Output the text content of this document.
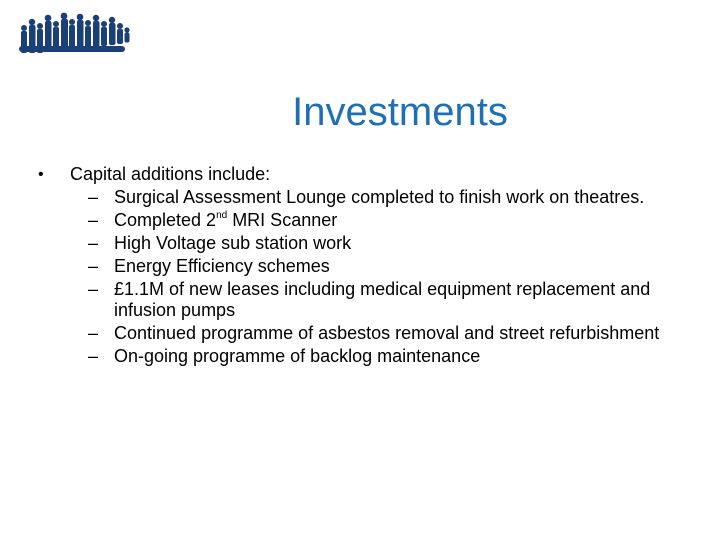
Investments
•	Capital additions include:
– Surgical Assessment Lounge completed to finish work on theatres.
– Completed 2nd MRI Scanner
– High Voltage sub station work
– Energy Efficiency schemes
– £1.1M of new leases including medical equipment replacement and infusion pumps
– Continued programme of asbestos removal and street refurbishment
– On-going programme of backlog maintenance
